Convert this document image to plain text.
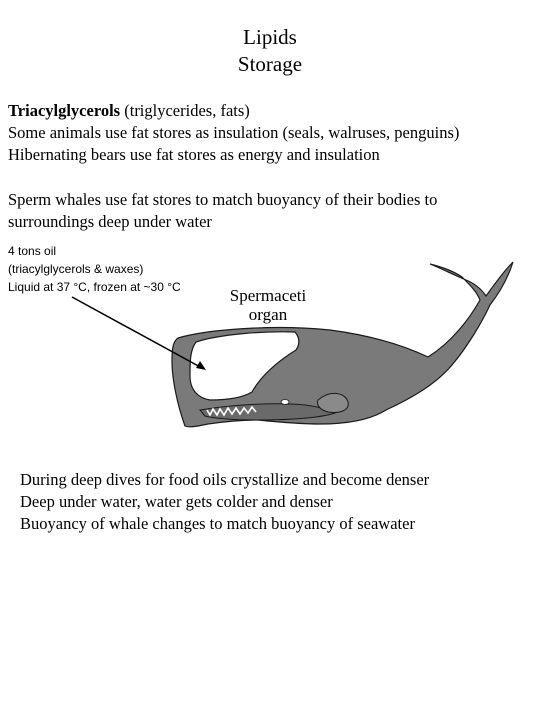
Lipids
Storage
Triacylglycerols (triglycerides, fats)
Some animals use fat stores as insulation (seals, walruses, penguins)
Hibernating bears use fat stores as energy and insulation
Sperm whales use fat stores to match buoyancy of their bodies to
surroundings deep under water
4 tons oil
(triacylglycerols & waxes)
Liquid at 37 °C, frozen at ~30 °C	Spermaceti
organ
During deep dives for food oils crystallize and become denser
Deep under water, water gets colder and denser
Buoyancy of whale changes to match buoyancy of seawater
